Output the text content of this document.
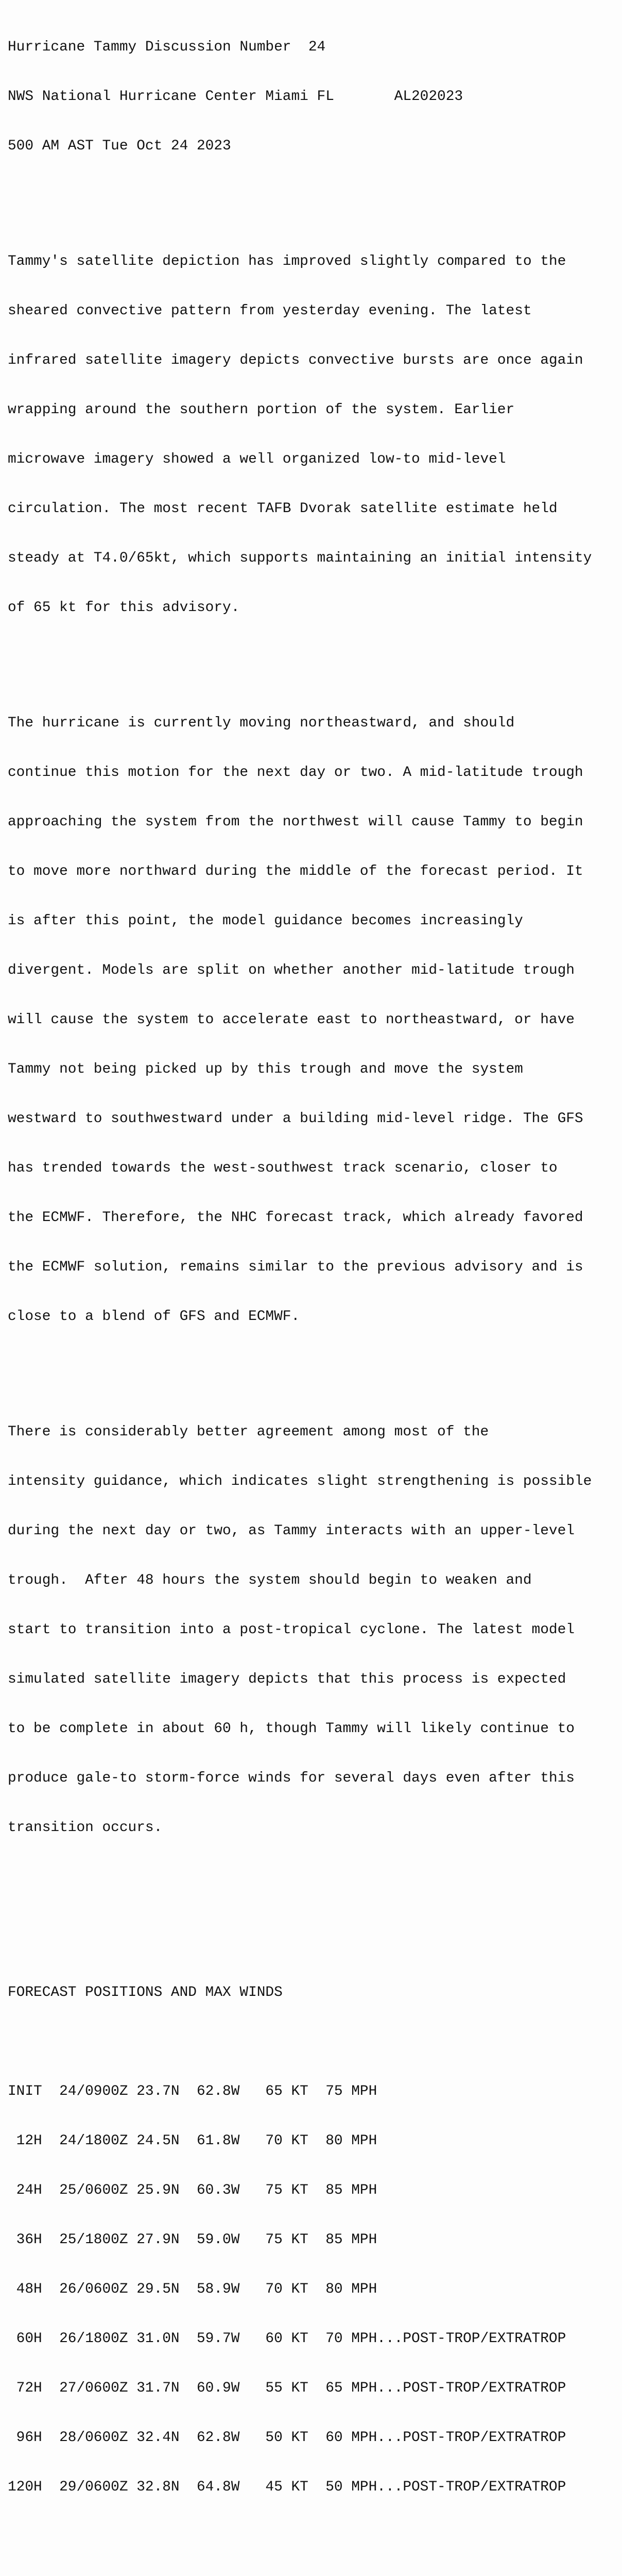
Hurricane Tammy Discussion Number  24

NWS National Hurricane Center Miami FL       AL202023

500 AM AST Tue Oct 24 2023

Tammy's satellite depiction has improved slightly compared to the

sheared convective pattern from yesterday evening. The latest

infrared satellite imagery depicts convective bursts are once again

wrapping around the southern portion of the system. Earlier

microwave imagery showed a well organized low-to mid-level

circulation. The most recent TAFB Dvorak satellite estimate held

steady at T4.0/65kt, which supports maintaining an initial intensity

of 65 kt for this advisory.

The hurricane is currently moving northeastward, and should

continue this motion for the next day or two. A mid-latitude trough

approaching the system from the northwest will cause Tammy to begin

to move more northward during the middle of the forecast period. It

is after this point, the model guidance becomes increasingly

divergent. Models are split on whether another mid-latitude trough

will cause the system to accelerate east to northeastward, or have

Tammy not being picked up by this trough and move the system

westward to southwestward under a building mid-level ridge. The GFS

has trended towards the west-southwest track scenario, closer to

the ECMWF. Therefore, the NHC forecast track, which already favored

the ECMWF solution, remains similar to the previous advisory and is

close to a blend of GFS and ECMWF.

There is considerably better agreement among most of the

intensity guidance, which indicates slight strengthening is possible

during the next day or two, as Tammy interacts with an upper-level

trough.  After 48 hours the system should begin to weaken and

start to transition into a post-tropical cyclone. The latest model

simulated satellite imagery depicts that this process is expected

to be complete in about 60 h, though Tammy will likely continue to

produce gale-to storm-force winds for several days even after this

transition occurs.

FORECAST POSITIONS AND MAX WINDS

INIT  24/0900Z 23.7N  62.8W   65 KT  75 MPH

12H  24/1800Z 24.5N  61.8W   70 KT  80 MPH

24H  25/0600Z 25.9N  60.3W   75 KT  85 MPH

36H  25/1800Z 27.9N  59.0W   75 KT  85 MPH

48H  26/0600Z 29.5N  58.9W   70 KT  80 MPH

60H  26/1800Z 31.0N  59.7W   60 KT  70 MPH...POST-TROP/EXTRATROP

72H  27/0600Z 31.7N  60.9W   55 KT  65 MPH...POST-TROP/EXTRATROP

96H  28/0600Z 32.4N  62.8W   50 KT  60 MPH...POST-TROP/EXTRATROP

120H  29/0600Z 32.8N  64.8W   45 KT  50 MPH...POST-TROP/EXTRATROP
